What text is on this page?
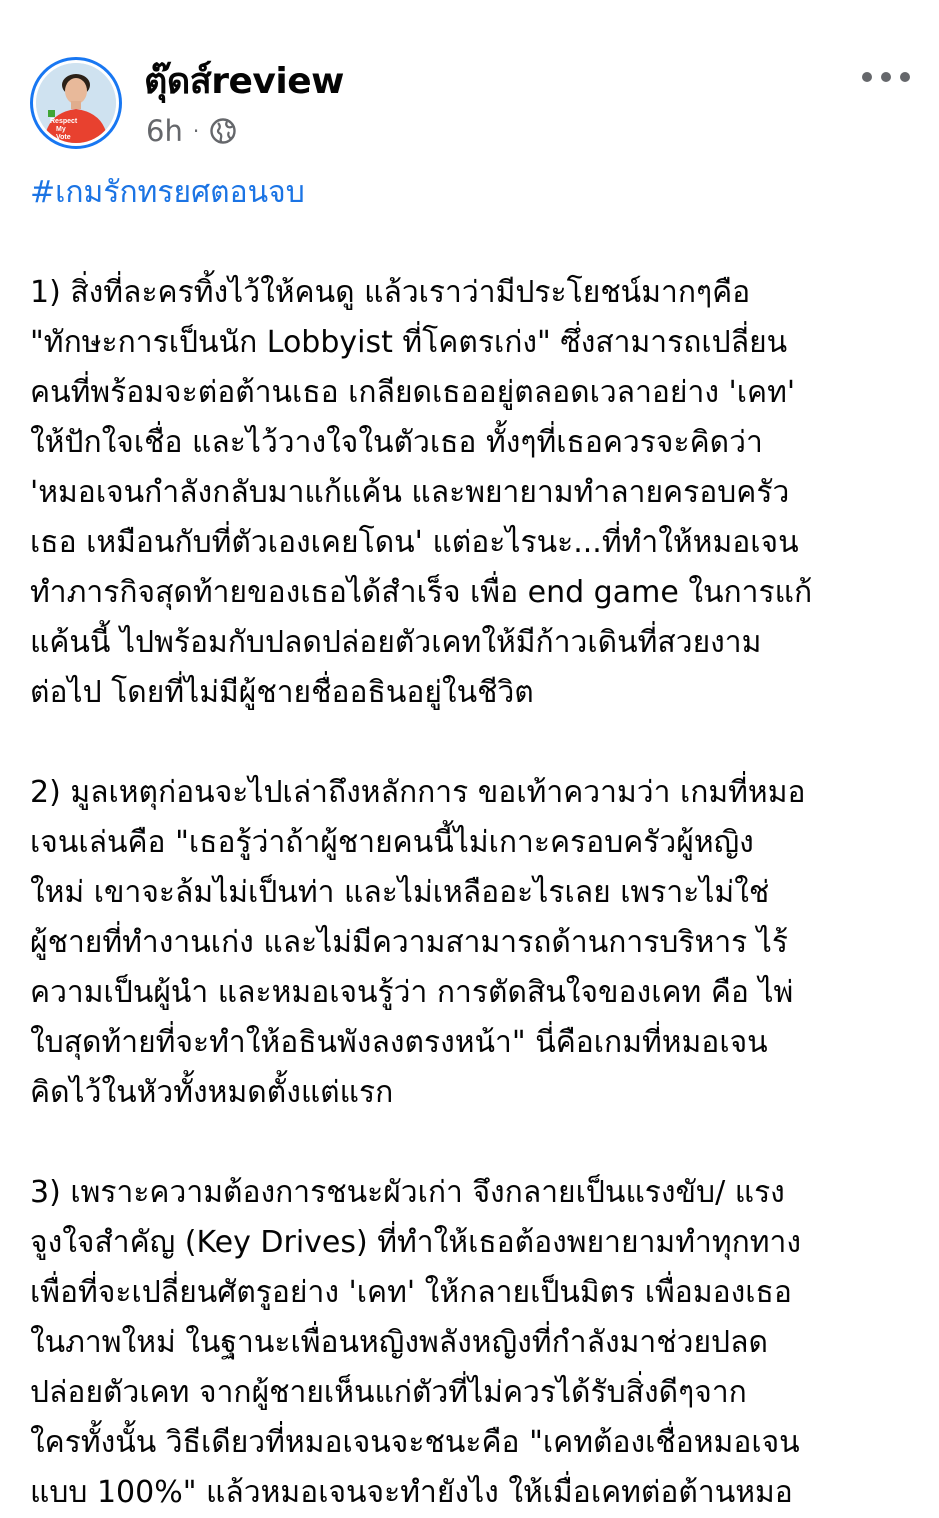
Respect
My
Vote
ตุ๊ดส์review
6h ·
#เกมรักทรยศตอนจบ
1) สิ่งที่ละครทิ้งไว้ให้คนดู แล้วเราว่ามีประโยชน์มากๆคือ
"ทักษะการเป็นนัก Lobbyist ที่โคตรเก่ง" ซึ่งสามารถเปลี่ยน
คนที่พร้อมจะต่อต้านเธอ เกลียดเธออยู่ตลอดเวลาอย่าง 'เคท'
ให้ปักใจเชื่อ และไว้วางใจในตัวเธอ ทั้งๆที่เธอควรจะคิดว่า
'หมอเจนกำลังกลับมาแก้แค้น และพยายามทำลายครอบครัว
เธอ เหมือนกับที่ตัวเองเคยโดน' แต่อะไรนะ...ที่ทำให้หมอเจน
ทำภารกิจสุดท้ายของเธอได้สำเร็จ เพื่อ end game ในการแก้
แค้นนี้ ไปพร้อมกับปลดปล่อยตัวเคทให้มีก้าวเดินที่สวยงาม
ต่อไป โดยที่ไม่มีผู้ชายชื่ออธินอยู่ในชีวิต
2) มูลเหตุก่อนจะไปเล่าถึงหลักการ ขอเท้าความว่า เกมที่หมอ
เจนเล่นคือ "เธอรู้ว่าถ้าผู้ชายคนนี้ไม่เกาะครอบครัวผู้หญิง
ใหม่ เขาจะล้มไม่เป็นท่า และไม่เหลืออะไรเลย เพราะไม่ใช่
ผู้ชายที่ทำงานเก่ง และไม่มีความสามารถด้านการบริหาร ไร้
ความเป็นผู้นำ และหมอเจนรู้ว่า การตัดสินใจของเคท คือ ไพ่
ใบสุดท้ายที่จะทำให้อธินพังลงตรงหน้า" นี่คือเกมที่หมอเจน
คิดไว้ในหัวทั้งหมดตั้งแต่แรก
3) เพราะความต้องการชนะผัวเก่า จึงกลายเป็นแรงขับ/ แรง
จูงใจสำคัญ (Key Drives) ที่ทำให้เธอต้องพยายามทำทุกทาง
เพื่อที่จะเปลี่ยนศัตรูอย่าง 'เคท' ให้กลายเป็นมิตร เพื่อมองเธอ
ในภาพใหม่ ในฐานะเพื่อนหญิงพลังหญิงที่กำลังมาช่วยปลด
ปล่อยตัวเคท จากผู้ชายเห็นแก่ตัวที่ไม่ควรได้รับสิ่งดีๆจาก
ใครทั้งนั้น วิธีเดียวที่หมอเจนจะชนะคือ "เคทต้องเชื่อหมอเจน
แบบ 100%" แล้วหมอเจนจะทำยังไง ให้เมื่อเคทต่อต้านหมอ
